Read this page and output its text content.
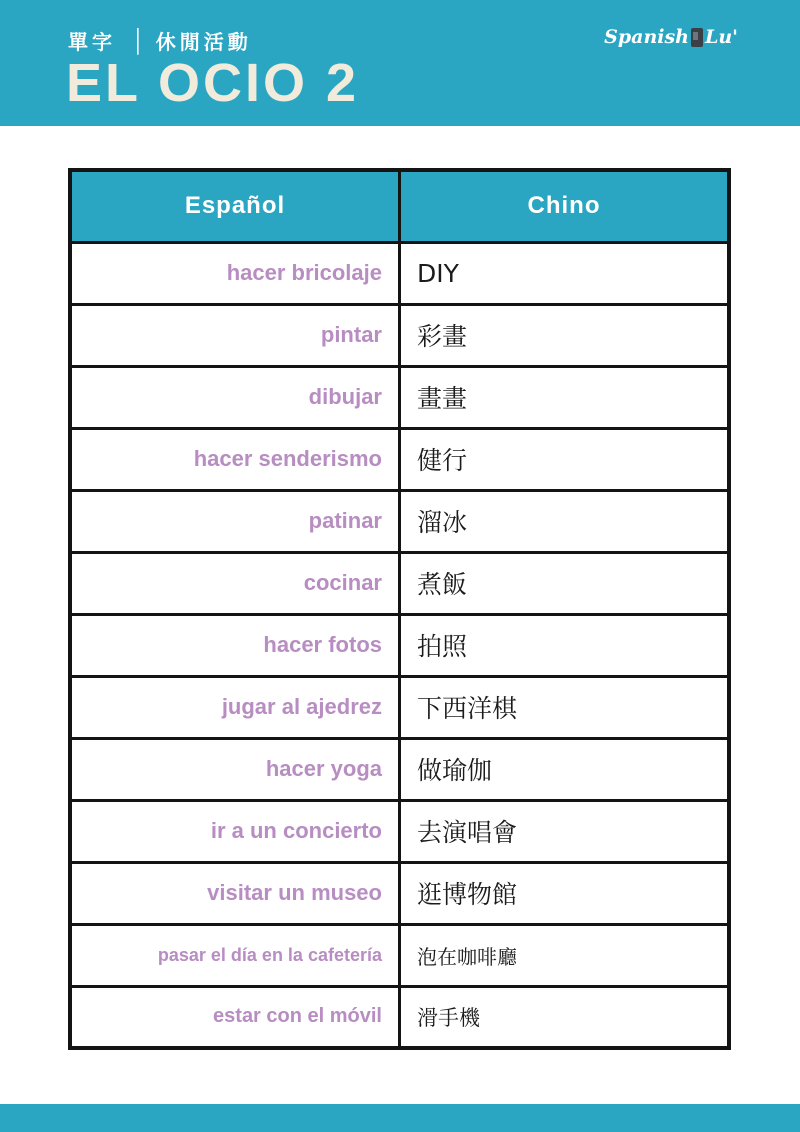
單字 │ 休閒活動
EL OCIO 2
Spanish Lu'
Español	Chino
hacer bricolaje	DIY
pintar	彩畫
dibujar	畫畫
hacer senderismo	健行
patinar	溜冰
cocinar	煮飯
hacer fotos	拍照
jugar al ajedrez	下西洋棋
hacer yoga	做瑜伽
ir a un concierto	去演唱會
visitar un museo	逛博物館
pasar el día en la cafetería	泡在咖啡廳
estar con el móvil	滑手機
